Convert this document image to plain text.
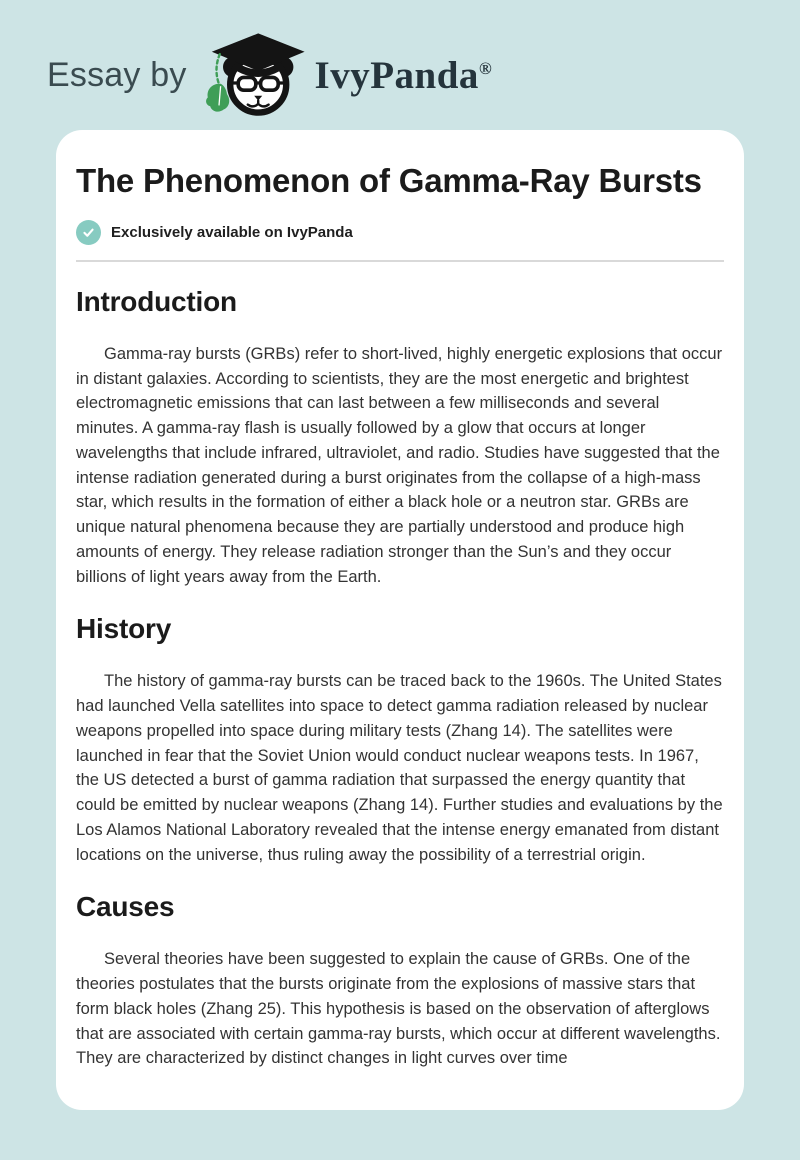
Essay by	IvyPanda®
The Phenomenon of Gamma-Ray Bursts
Exclusively available on IvyPanda
Introduction

Gamma-ray bursts (GRBs) refer to short-lived, highly energetic explosions that occur in distant galaxies. According to scientists, they are the most energetic and brightest electromagnetic emissions that can last between a few milliseconds and several minutes. A gamma-ray flash is usually followed by a glow that occurs at longer wavelengths that include infrared, ultraviolet, and radio. Studies have suggested that the intense radiation generated during a burst originates from the collapse of a high-mass star, which results in the formation of either a black hole or a neutron star. GRBs are unique natural phenomena because they are partially understood and produce high amounts of energy. They release radiation stronger than the Sun’s and they occur billions of light years away from the Earth.

History

The history of gamma-ray bursts can be traced back to the 1960s. The United States had launched Vella satellites into space to detect gamma radiation released by nuclear weapons propelled into space during military tests (Zhang 14). The satellites were launched in fear that the Soviet Union would conduct nuclear weapons tests. In 1967, the US detected a burst of gamma radiation that surpassed the energy quantity that could be emitted by nuclear weapons (Zhang 14). Further studies and evaluations by the Los Alamos National Laboratory revealed that the intense energy emanated from distant locations on the universe, thus ruling away the possibility of a terrestrial origin.

Causes

Several theories have been suggested to explain the cause of GRBs. One of the theories postulates that the bursts originate from the explosions of massive stars that form black holes (Zhang 25). This hypothesis is based on the observation of afterglows that are associated with certain gamma-ray bursts, which occur at different wavelengths. They are characterized by distinct changes in light curves over time
